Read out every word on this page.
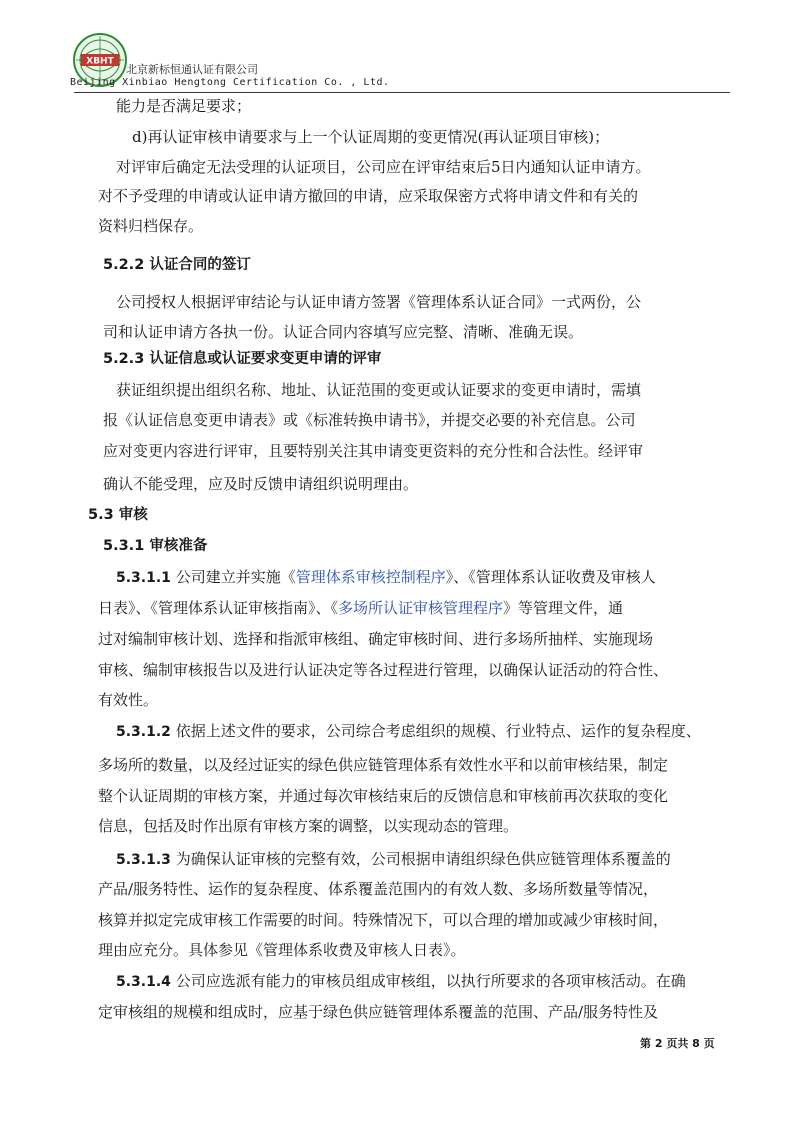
XBHT
北京新标恒通认证有限公司
Beijing Xinbiao Hengtong Certification Co. , Ltd.
能力是否满足要求；
d)再认证审核申请要求与上一个认证周期的变更情况(再认证项目审核)；
对评审后确定无法受理的认证项目，公司应在评审结束后5日内通知认证申请方。
对不予受理的申请或认证申请方撤回的申请，应采取保密方式将申请文件和有关的
资料归档保存。
5.2.2 认证合同的签订
公司授权人根据评审结论与认证申请方签署《管理体系认证合同》一式两份，公
司和认证申请方各执一份。认证合同内容填写应完整、清晰、准确无误。
5.2.3 认证信息或认证要求变更申请的评审
获证组织提出组织名称、地址、认证范围的变更或认证要求的变更申请时，需填
报《认证信息变更申请表》或《标准转换申请书》，并提交必要的补充信息。公司
应对变更内容进行评审，且要特别关注其申请变更资料的充分性和合法性。经评审
确认不能受理，应及时反馈申请组织说明理由。
5.3 审核
5.3.1 审核准备
5.3.1.1 公司建立并实施《管理体系审核控制程序》、《管理体系认证收费及审核人
日表》、《管理体系认证审核指南》、《多场所认证审核管理程序》等管理文件，通
过对编制审核计划、选择和指派审核组、确定审核时间、进行多场所抽样、实施现场
审核、编制审核报告以及进行认证决定等各过程进行管理，以确保认证活动的符合性、
有效性。
5.3.1.2 依据上述文件的要求，公司综合考虑组织的规模、行业特点、运作的复杂程度、
多场所的数量，以及经过证实的绿色供应链管理体系有效性水平和以前审核结果，制定
整个认证周期的审核方案，并通过每次审核结束后的反馈信息和审核前再次获取的变化
信息，包括及时作出原有审核方案的调整，以实现动态的管理。
5.3.1.3 为确保认证审核的完整有效，公司根据申请组织绿色供应链管理体系覆盖的
产品/服务特性、运作的复杂程度、体系覆盖范围内的有效人数、多场所数量等情况，
核算并拟定完成审核工作需要的时间。特殊情况下，可以合理的增加或减少审核时间，
理由应充分。具体参见《管理体系收费及审核人日表》。
5.3.1.4 公司应选派有能力的审核员组成审核组，以执行所要求的各项审核活动。在确
定审核组的规模和组成时，应基于绿色供应链管理体系覆盖的范围、产品/服务特性及
第 2 页共 8 页
